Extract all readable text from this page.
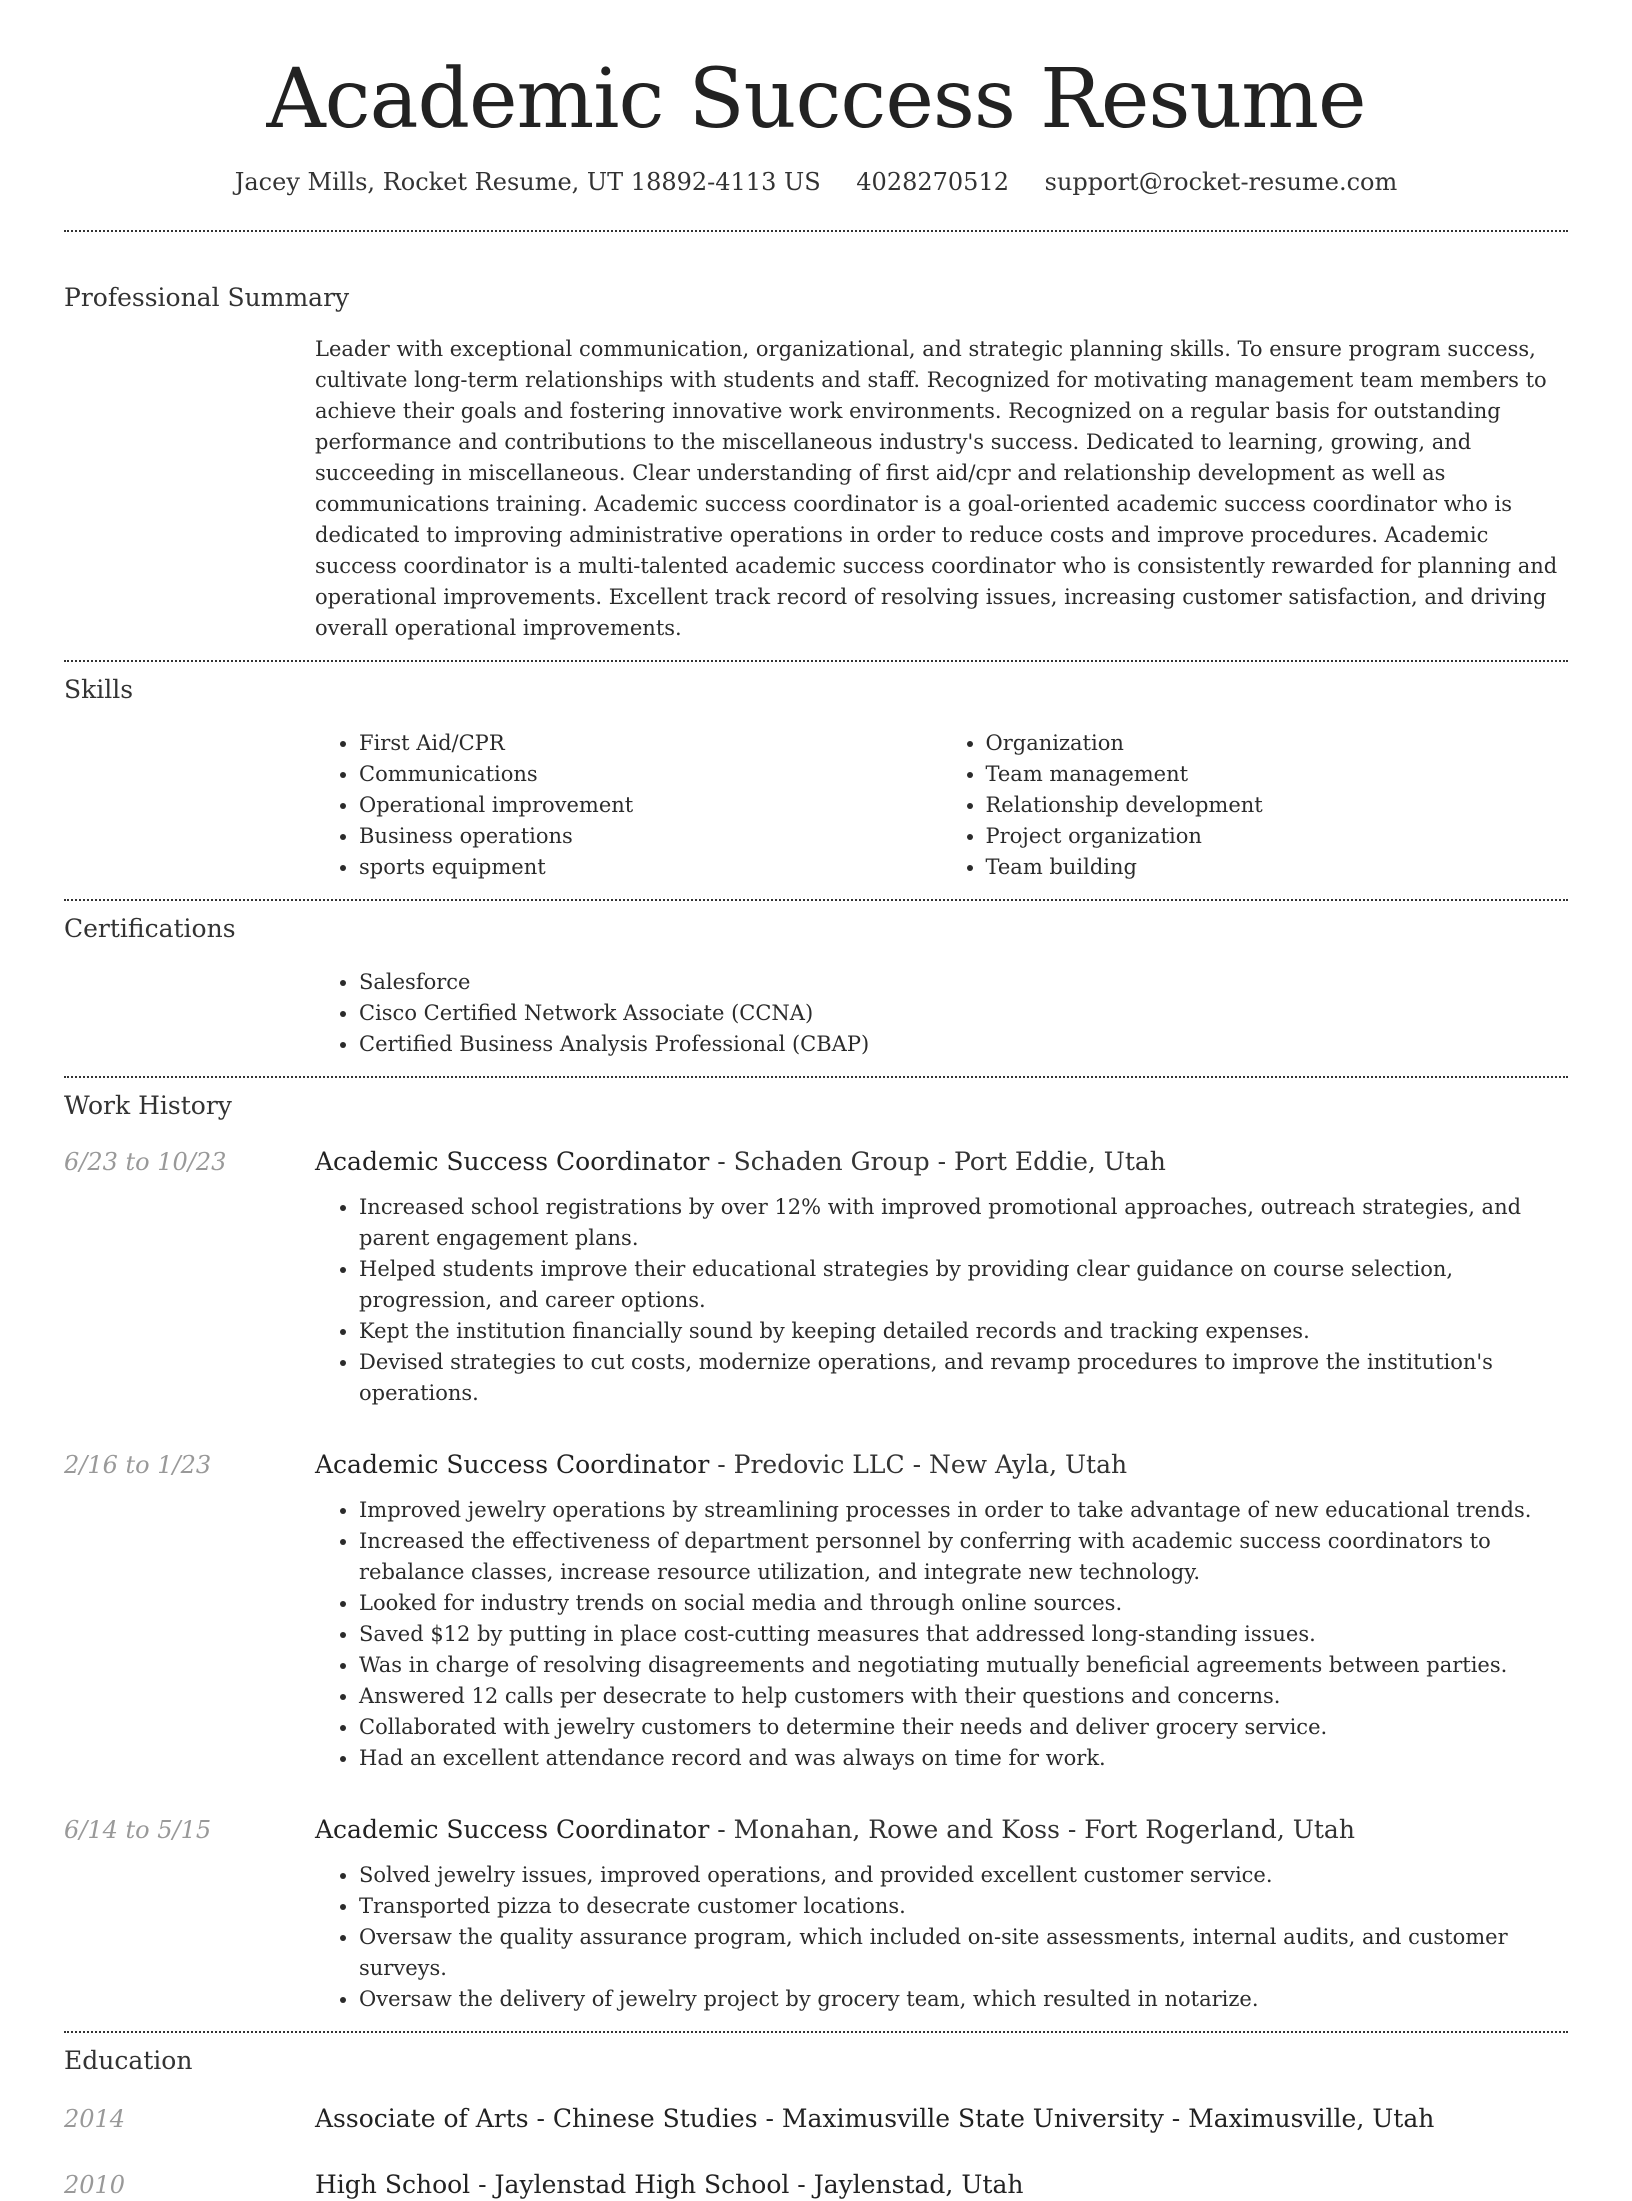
Academic Success Resume
Jacey Mills, Rocket Resume, UT 18892-4113 US 4028270512 support@rocket-resume.com
Professional Summary

Leader with exceptional communication, organizational, and strategic planning skills. To ensure program success, cultivate long-term relationships with students and staff. Recognized for motivating management team members to achieve their goals and fostering innovative work environments. Recognized on a regular basis for outstanding performance and contributions to the miscellaneous industry's success. Dedicated to learning, growing, and succeeding in miscellaneous. Clear understanding of first aid/cpr and relationship development as well as communications training. Academic success coordinator is a goal-oriented academic success coordinator who is dedicated to improving administrative operations in order to reduce costs and improve procedures. Academic success coordinator is a multi-talented academic success coordinator who is consistently rewarded for planning and operational improvements. Excellent track record of resolving issues, increasing customer satisfaction, and driving overall operational improvements.

Skills
• First Aid/CPR
• Communications
• Operational improvement
• Business operations
• sports equipment
• Organization
• Team management
• Relationship development
• Project organization
• Team building
Certifications
• Salesforce
• Cisco Certified Network Associate (CCNA)
• Certified Business Analysis Professional (CBAP)
Work History
6/23 to 10/23	Academic Success Coordinator - Schaden Group - Port Eddie, Utah
• Increased school registrations by over 12% with improved promotional approaches, outreach strategies, and parent engagement plans.
• Helped students improve their educational strategies by providing clear guidance on course selection, progression, and career options.
• Kept the institution financially sound by keeping detailed records and tracking expenses.
• Devised strategies to cut costs, modernize operations, and revamp procedures to improve the institution's operations.
2/16 to 1/23	Academic Success Coordinator - Predovic LLC - New Ayla, Utah
• Improved jewelry operations by streamlining processes in order to take advantage of new educational trends.
• Increased the effectiveness of department personnel by conferring with academic success coordinators to rebalance classes, increase resource utilization, and integrate new technology.
• Looked for industry trends on social media and through online sources.
• Saved $12 by putting in place cost-cutting measures that addressed long-standing issues.
• Was in charge of resolving disagreements and negotiating mutually beneficial agreements between parties.
• Answered 12 calls per desecrate to help customers with their questions and concerns.
• Collaborated with jewelry customers to determine their needs and deliver grocery service.
• Had an excellent attendance record and was always on time for work.
6/14 to 5/15	Academic Success Coordinator - Monahan, Rowe and Koss - Fort Rogerland, Utah
• Solved jewelry issues, improved operations, and provided excellent customer service.
• Transported pizza to desecrate customer locations.
• Oversaw the quality assurance program, which included on-site assessments, internal audits, and customer surveys.
• Oversaw the delivery of jewelry project by grocery team, which resulted in notarize.
Education
2014	Associate of Arts - Chinese Studies - Maximusville State University - Maximusville, Utah
2010	High School - Jaylenstad High School - Jaylenstad, Utah
